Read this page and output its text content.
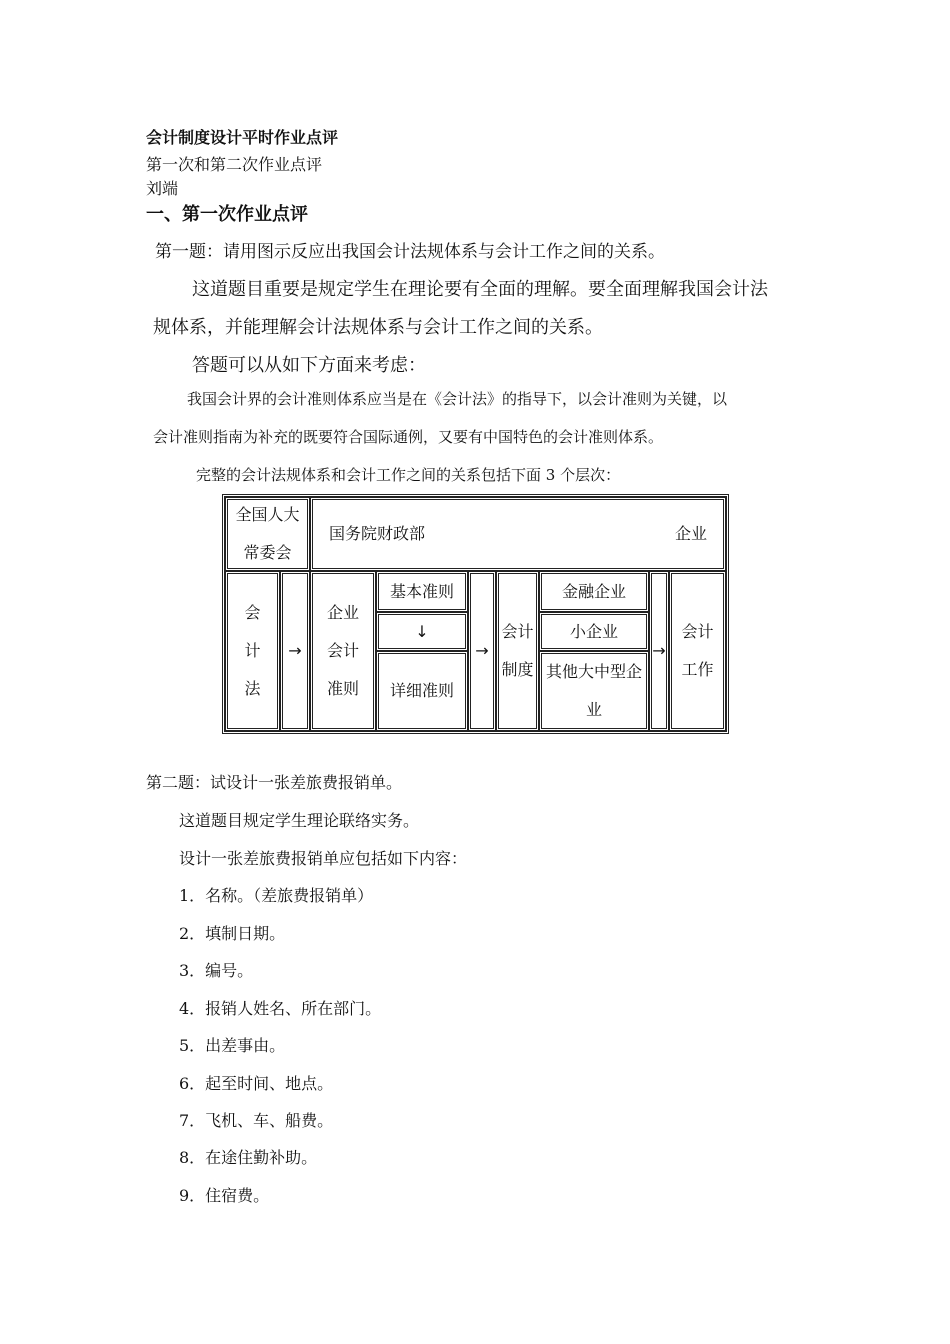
会计制度设计平时作业点评
第一次和第二次作业点评
刘端
一、第一次作业点评
第一题：请用图示反应出我国会计法规体系与会计工作之间的关系。
这道题目重要是规定学生在理论要有全面的理解。要全面理解我国会计法
规体系，并能理解会计法规体系与会计工作之间的关系。
答题可以从如下方面来考虑：
我国会计界的会计准则体系应当是在《会计法》的指导下，以会计准则为关键，以
会计准则指南为补充的既要符合国际通例，又要有中国特色的会计准则体系。
完整的会计法规体系和会计工作之间的关系包括下面 3 个层次：
全国人大
常委会
国务院财政部	企业
会
计
法
→
企业
会计
准则
基本准则
↓
详细准则
→
会计
制度
金融企业
小企业
其他大中型企
业
→
会计
工作
第二题：试设计一张差旅费报销单。
这道题目规定学生理论联络实务。
设计一张差旅费报销单应包括如下内容：
1．名称。（差旅费报销单）
2．填制日期。
3．编号。
4．报销人姓名、所在部门。
5．出差事由。
6．起至时间、地点。
7．飞机、车、船费。
8．在途住勤补助。
9．住宿费。
